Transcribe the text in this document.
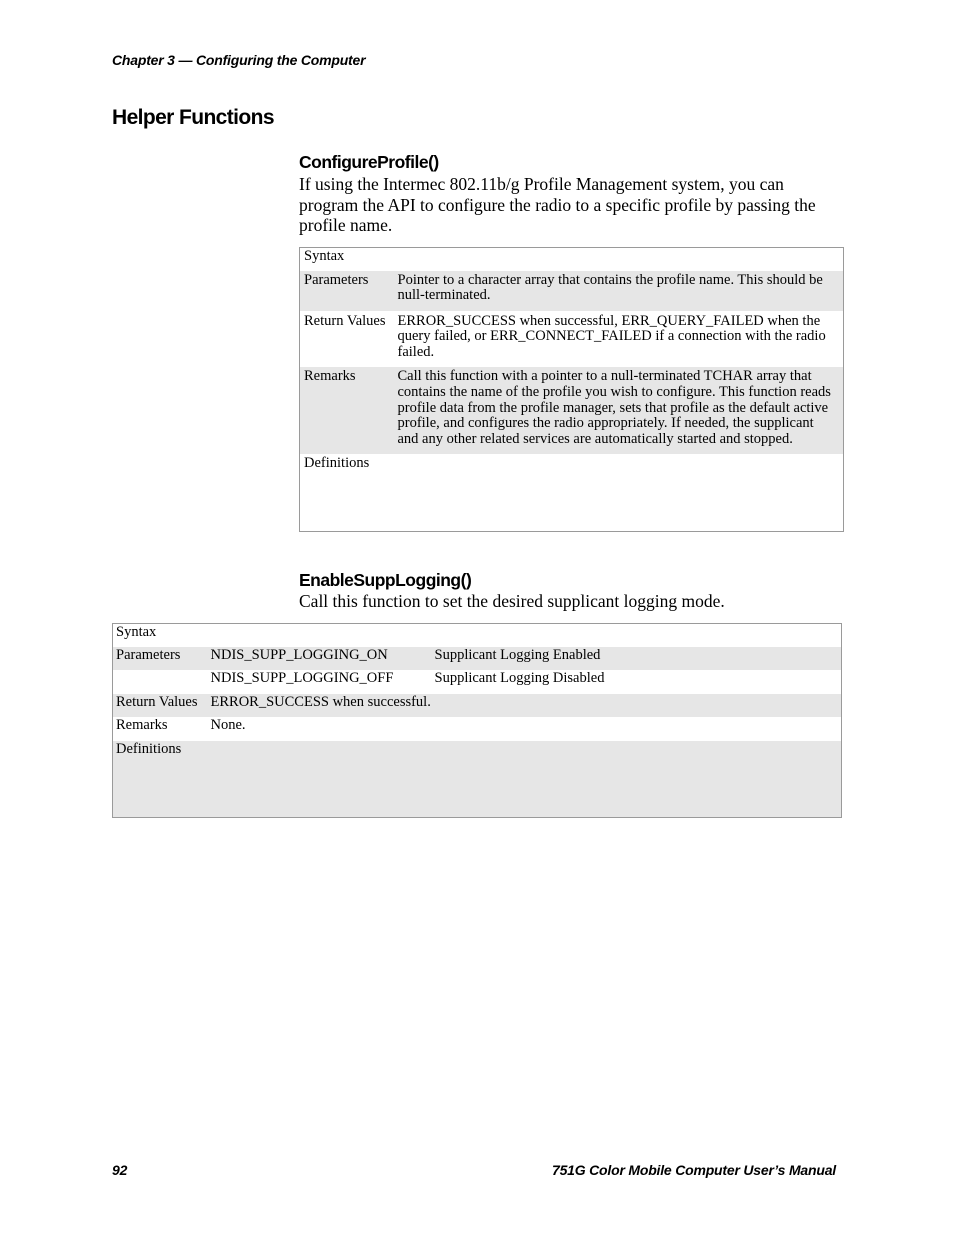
Chapter 3 — Configuring the Computer
Helper Functions
ConfigureProfile()
If using the Intermec 802.11b/g Profile Management system, you can program the API to configure the radio to a specific profile by passing the profile name.
Syntax	
Parameters	Pointer to a character array that contains the profile name. This should be null-terminated.
Return Values	ERROR_SUCCESS when successful, ERR_QUERY_FAILED when the query failed, or ERR_CONNECT_FAILED if a connection with the radio failed.
Remarks	Call this function with a pointer to a null-terminated TCHAR array that contains the name of the profile you wish to configure. This function reads profile data from the profile manager, sets that profile as the default active profile, and configures the radio appropriately. If needed, the supplicant and any other related services are automatically started and stopped.
Definitions	
EnableSuppLogging()
Call this function to set the desired supplicant logging mode.
Syntax		
Parameters	NDIS_SUPP_LOGGING_ON	Supplicant Logging Enabled
	NDIS_SUPP_LOGGING_OFF	Supplicant Logging Disabled
Return Values	ERROR_SUCCESS when successful.	
Remarks	None.	
Definitions		
92	751G Color Mobile Computer User’s Manual
